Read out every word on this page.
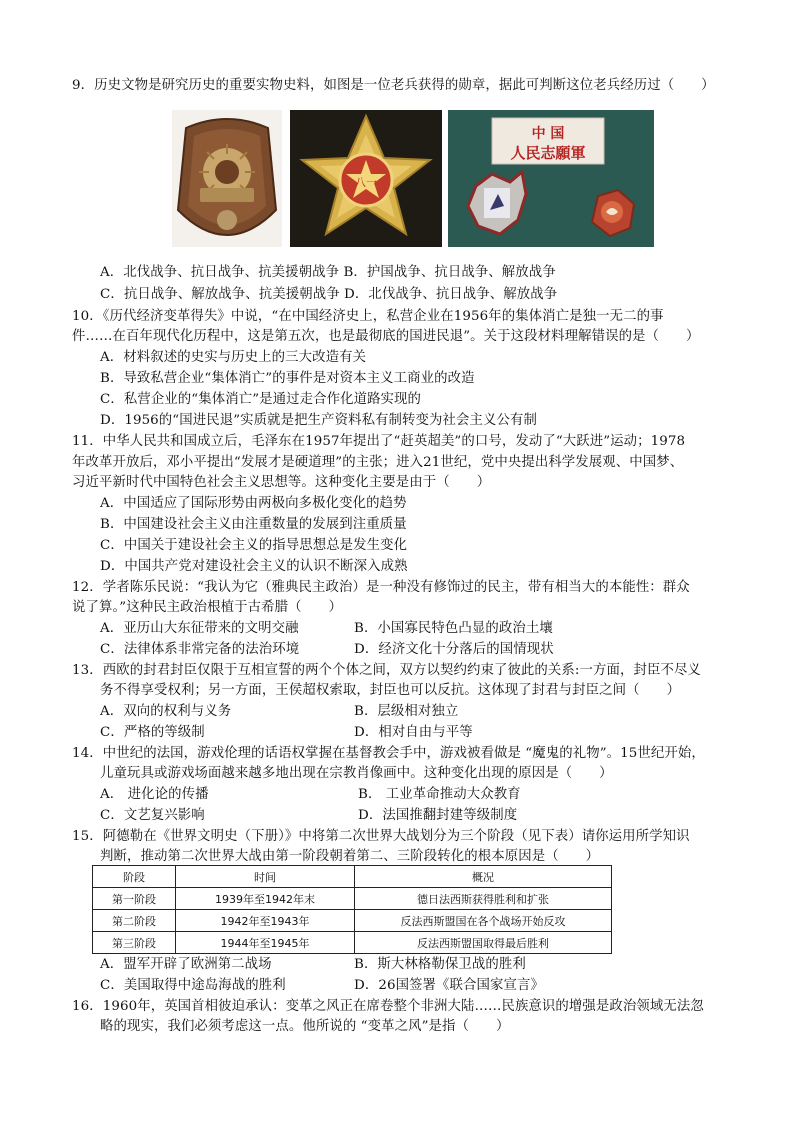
9．历史文物是研究历史的重要实物史料，如图是一位老兵获得的勋章，据此可判断这位老兵经历过（　　）
八一
中 国
人民志願軍
A．北伐战争、抗日战争、抗美援朝战争 B．护国战争、抗日战争、解放战争
C．抗日战争、解放战争、抗美援朝战争 D．北伐战争、抗日战争、解放战争
10．《历代经济变革得失》中说，“在中国经济史上，私营企业在1956年的集体消亡是独一无二的事
件……在百年现代化历程中，这是第五次，也是最彻底的国进民退”。关于这段材料理解错误的是（　　）
A．材料叙述的史实与历史上的三大改造有关
B．导致私营企业“集体消亡”的事件是对资本主义工商业的改造
C．私营企业的“集体消亡”是通过走合作化道路实现的
D．1956的“国进民退”实质就是把生产资料私有制转变为社会主义公有制
11．中华人民共和国成立后，毛泽东在1957年提出了“赶英超美”的口号，发动了“大跃进”运动；1978
年改革开放后，邓小平提出“发展才是硬道理”的主张；进入21世纪，党中央提出科学发展观、中国梦、
习近平新时代中国特色社会主义思想等。这种变化主要是由于（　　）
A．中国适应了国际形势由两极向多极化变化的趋势
B．中国建设社会主义由注重数量的发展到注重质量
C．中国关于建设社会主义的指导思想总是发生变化
D．中国共产党对建设社会主义的认识不断深入成熟
12．学者陈乐民说：“我认为它（雅典民主政治）是一种没有修饰过的民主，带有相当大的本能性：群众
说了算。”这种民主政治根植于古希腊（　　）
A．亚历山大东征带来的文明交融	B．小国寡民特色凸显的政治土壤
C．法律体系非常完备的法治环境	D．经济文化十分落后的国情现状
13．西欧的封君封臣仅限于互相宣誓的两个个体之间，双方以契约约束了彼此的关系:一方面，封臣不尽义
务不得享受权利；另一方面，王侯超权索取，封臣也可以反抗。这体现了封君与封臣之间（　　）
A．双向的权利与义务	B．层级相对独立
C．严格的等级制	D．相对自由与平等
14．中世纪的法国，游戏伦理的话语权掌握在基督教会手中，游戏被看做是 “魔鬼的礼物”。15世纪开始，
儿童玩具或游戏场面越来越多地出现在宗教肖像画中。这种变化出现的原因是（　　）
A． 进化论的传播	B． 工业革命推动大众教育
C．文艺复兴影响	D．法国推翻封建等级制度
15．阿德勒在《世界文明史（下册）》中将第二次世界大战划分为三个阶段（见下表）请你运用所学知识
判断，推动第二次世界大战由第一阶段朝着第二、三阶段转化的根本原因是（　　）
阶段	时间	概况
第一阶段	1939年至1942年末	德日法西斯获得胜利和扩张
第二阶段	1942年至1943年	反法西斯盟国在各个战场开始反攻
第三阶段	1944年至1945年	反法西斯盟国取得最后胜利
A．盟军开辟了欧洲第二战场	B．斯大林格勒保卫战的胜利
C．美国取得中途岛海战的胜利	D．26国签署《联合国家宣言》
16．1960年，英国首相彼迫承认：变革之风正在席卷整个非洲大陆……民族意识的增强是政治领域无法忽
略的现实，我们必须考虑这一点。他所说的 “变革之风”是指（　　）
